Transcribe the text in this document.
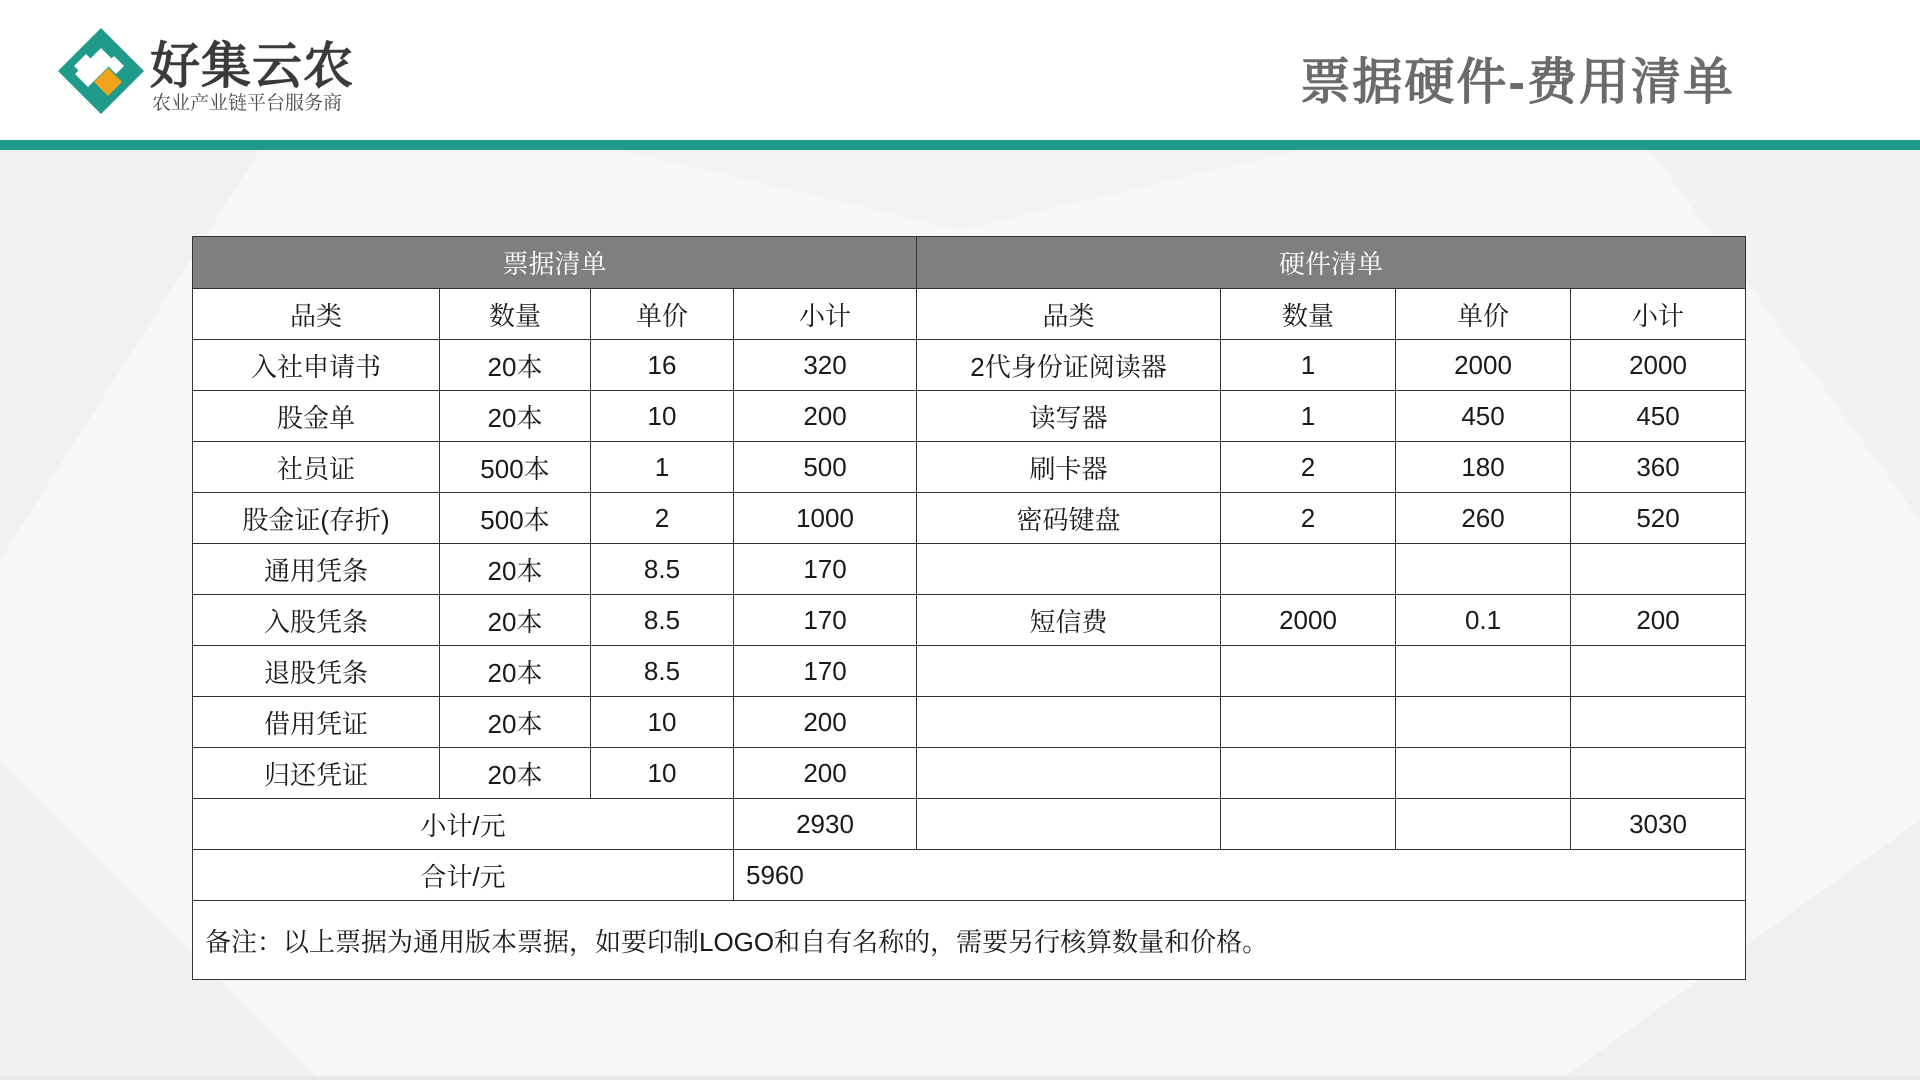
好集云农
农业产业链平台服务商	票据硬件-费用清单
票据清单				硬件清单			
品类	数量	单价	小计	品类	数量	单价	小计
入社申请书	20本	16	320	2代身份证阅读器	1	2000	2000
股金单	20本	10	200	读写器	1	450	450
社员证	500本	1	500	刷卡器	2	180	360
股金证(存折)	500本	2	1000	密码键盘	2	260	520
通用凭条	20本	8.5	170				
入股凭条	20本	8.5	170	短信费	2000	0.1	200
退股凭条	20本	8.5	170				
借用凭证	20本	10	200				
归还凭证	20本	10	200				
小计/元			2930				3030
合计/元			5960				
备注：以上票据为通用版本票据，如要印制LOGO和自有名称的，需要另行核算数量和价格。							
